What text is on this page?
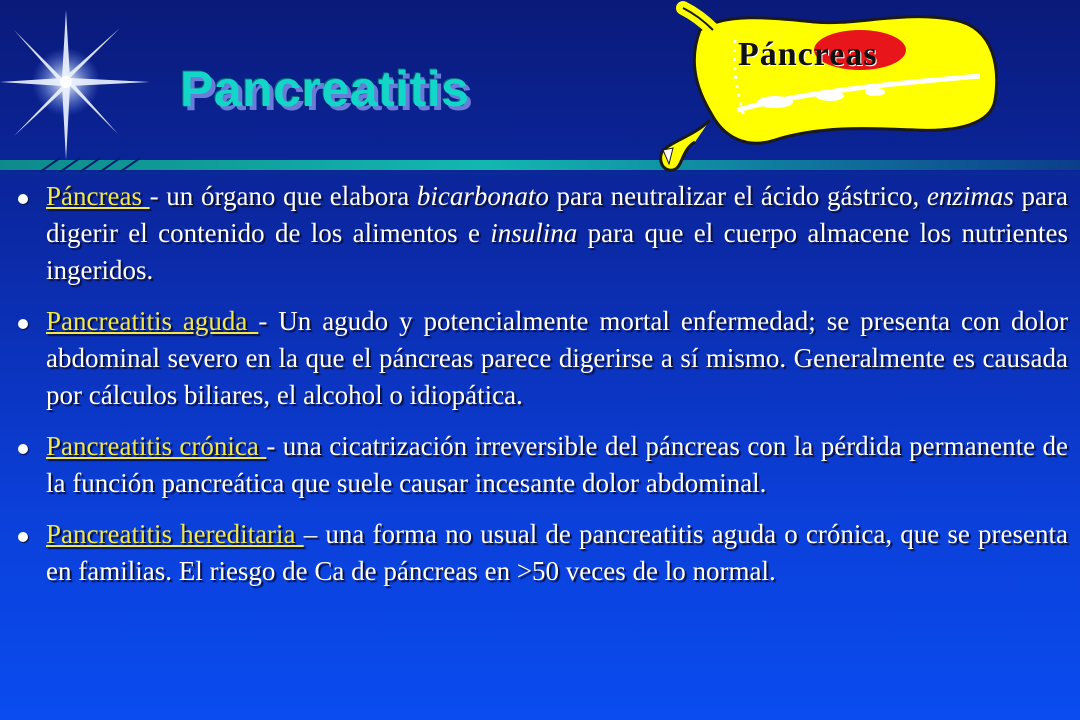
Pancreatitis
Páncreas
Páncreas - un órgano que elabora bicarbonato para neutralizar el ácido gástrico, enzimas para digerir el contenido de los alimentos e insulina para que el cuerpo almacene los nutrientes ingeridos.
Pancreatitis aguda - Un agudo y potencialmente mortal enfermedad; se presenta con dolor abdominal severo en la que el páncreas parece digerirse a sí mismo. Generalmente es causada por cálculos biliares, el alcohol o idiopática.
Pancreatitis crónica - una cicatrización irreversible del páncreas con la pérdida permanente de la función pancreática que suele causar incesante dolor abdominal.
Pancreatitis hereditaria – una forma no usual de pancreatitis aguda o crónica, que se presenta en familias. El riesgo de Ca de páncreas en >50 veces de lo normal.
